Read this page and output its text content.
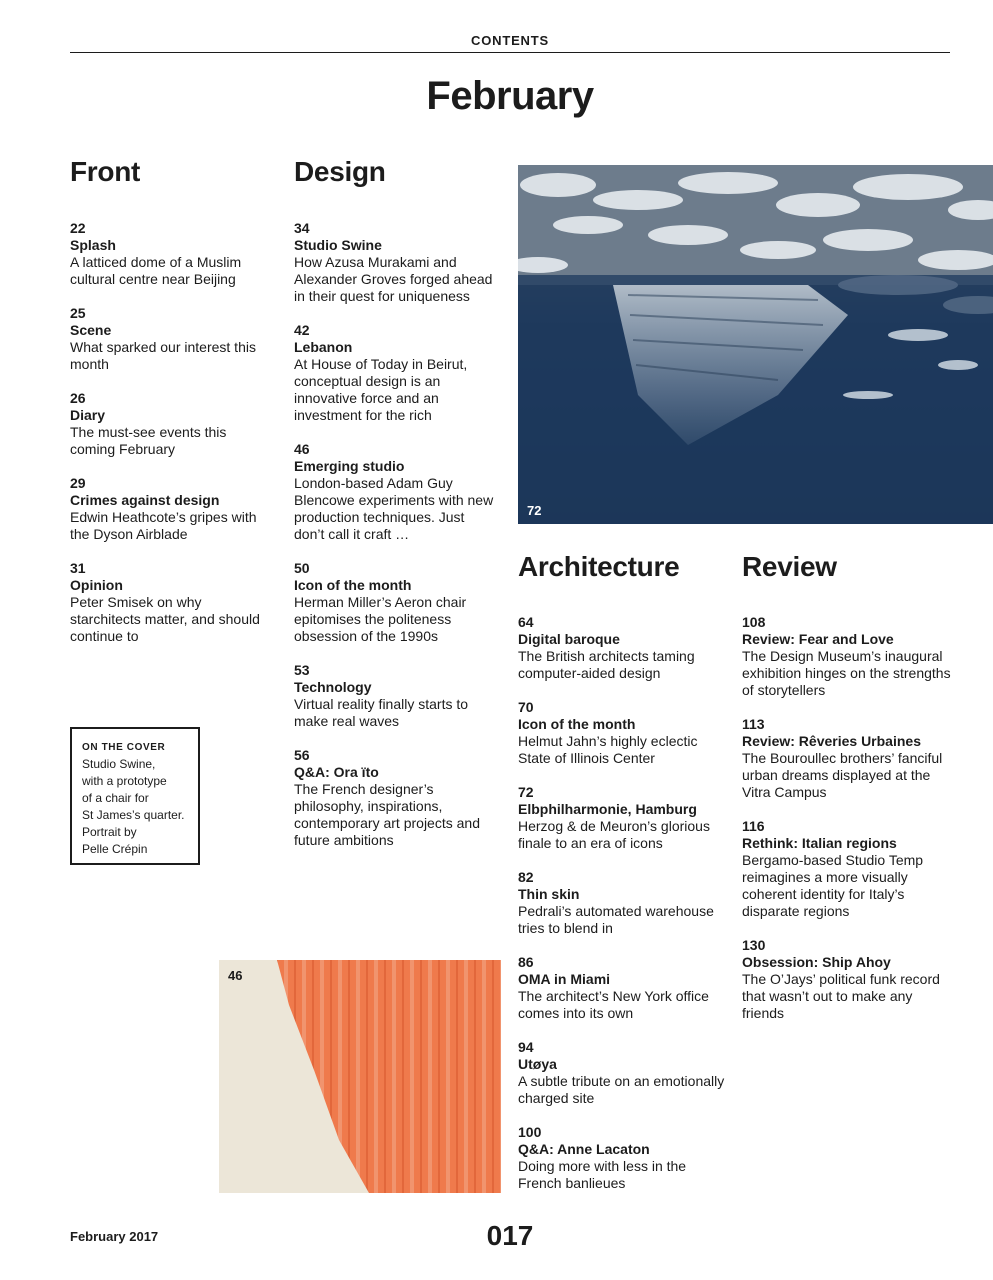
CONTENTS
February
Front
22
Splash
A latticed dome of a Muslim cultural centre near Beijing
25
Scene
What sparked our interest this month
26
Diary
The must-see events this coming February
29
Crimes against design
Edwin Heathcote’s gripes with the Dyson Airblade
31
Opinion
Peter Smisek on why starchitects matter, and should continue to
Design
34
Studio Swine
How Azusa Murakami and Alexander Groves forged ahead in their quest for uniqueness
42
Lebanon
At House of Today in Beirut, conceptual design is an innovative force and an investment for the rich
46
Emerging studio
London-based Adam Guy Blencowe experiments with new production techniques. Just don’t call it craft …
50
Icon of the month
Herman Miller’s Aeron chair epitomises the politeness obsession of the 1990s
53
Technology
Virtual reality finally starts to make real waves
56
Q&A: Ora ïto
The French designer’s philosophy, inspirations, contemporary art projects and future ambitions
72
Architecture
64
Digital baroque
The British architects taming computer-aided design
70
Icon of the month
Helmut Jahn’s highly eclectic State of Illinois Center
72
Elbphilharmonie, Hamburg
Herzog & de Meuron’s glorious finale to an era of icons
82
Thin skin
Pedrali’s automated warehouse tries to blend in
86
OMA in Miami
The architect’s New York office comes into its own
94
Utøya
A subtle tribute on an emotionally charged site
100
Q&A: Anne Lacaton
Doing more with less in the French banlieues
Review
108
Review: Fear and Love
The Design Museum’s inaugural exhibition hinges on the strengths of storytellers
113
Review: Rêveries Urbaines
The Bouroullec brothers’ fanciful urban dreams displayed at the Vitra Campus
116
Rethink: Italian regions
Bergamo-based Studio Temp reimagines a more visually coherent identity for Italy’s disparate regions
130
Obsession: Ship Ahoy
The O’Jays’ political funk record that wasn’t out to make any friends
ON THE COVER
Studio Swine,
with a prototype
of a chair for
St James’s quarter.
Portrait by
Pelle Crépin
46
February 2017	017
